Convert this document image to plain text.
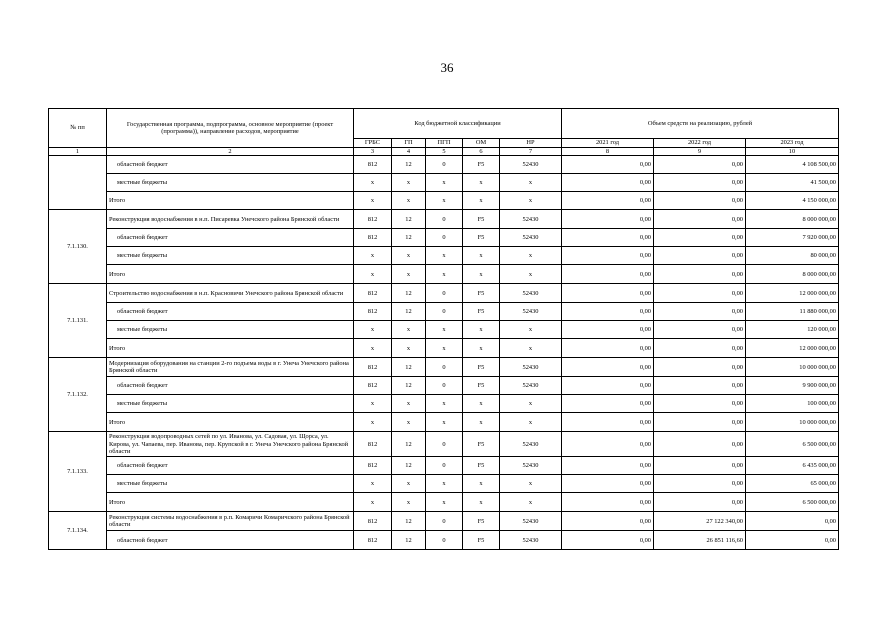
36
№ пп	Государственная программа, подпрограмма, основное мероприятие (проект (программа)), направление расходов, мероприятие	Код бюджетной классификации					Объем средств на реализацию, рублей		
		ГРБС	ГП	ПГП	ОМ	НР	2021 год	2022 год	2023 год
1	2	3	4	5	6	7	8	9	10
	областной бюджет	812	12	0	F5	52430	0,00	0,00	4 108 500,00
	местные бюджеты	х	х	х	х	х	0,00	0,00	41 500,00
	Итого	х	х	х	х	х	0,00	0,00	4 150 000,00
7.1.130.	Реконструкция водоснабжения в н.п. Писаревка Унечского района Брянской области	812	12	0	F5	52430	0,00	0,00	8 000 000,00
	областной бюджет	812	12	0	F5	52430	0,00	0,00	7 920 000,00
	местные бюджеты	х	х	х	х	х	0,00	0,00	80 000,00
	Итого	х	х	х	х	х	0,00	0,00	8 000 000,00
7.1.131.	Строительство водоснабжения в н.п. Красновичи Унечского района Брянской области	812	12	0	F5	52430	0,00	0,00	12 000 000,00
	областной бюджет	812	12	0	F5	52430	0,00	0,00	11 880 000,00
	местные бюджеты	х	х	х	х	х	0,00	0,00	120 000,00
	Итого	х	х	х	х	х	0,00	0,00	12 000 000,00
7.1.132.	Модернизация оборудования на станции 2-го подъема воды в г. Унеча Унечского района Брянской области	812	12	0	F5	52430	0,00	0,00	10 000 000,00
	областной бюджет	812	12	0	F5	52430	0,00	0,00	9 900 000,00
	местные бюджеты	х	х	х	х	х	0,00	0,00	100 000,00
	Итого	х	х	х	х	х	0,00	0,00	10 000 000,00
7.1.133.	Реконструкция водопроводных сетей по ул. Иванова, ул. Садовая, ул. Щорса, ул. Кирова, ул. Чапаева, пер. Иванова, пер. Крупской в г. Унеча Унечского района Брянской области	812	12	0	F5	52430	0,00	0,00	6 500 000,00
	областной бюджет	812	12	0	F5	52430	0,00	0,00	6 435 000,00
	местные бюджеты	х	х	х	х	х	0,00	0,00	65 000,00
	Итого	х	х	х	х	х	0,00	0,00	6 500 000,00
7.1.134.	Реконструкция системы водоснабжения в р.п. Комаричи Комаричского района Брянской области	812	12	0	F5	52430	0,00	27 122 340,00	0,00
	областной бюджет	812	12	0	F5	52430	0,00	26 851 116,60	0,00
